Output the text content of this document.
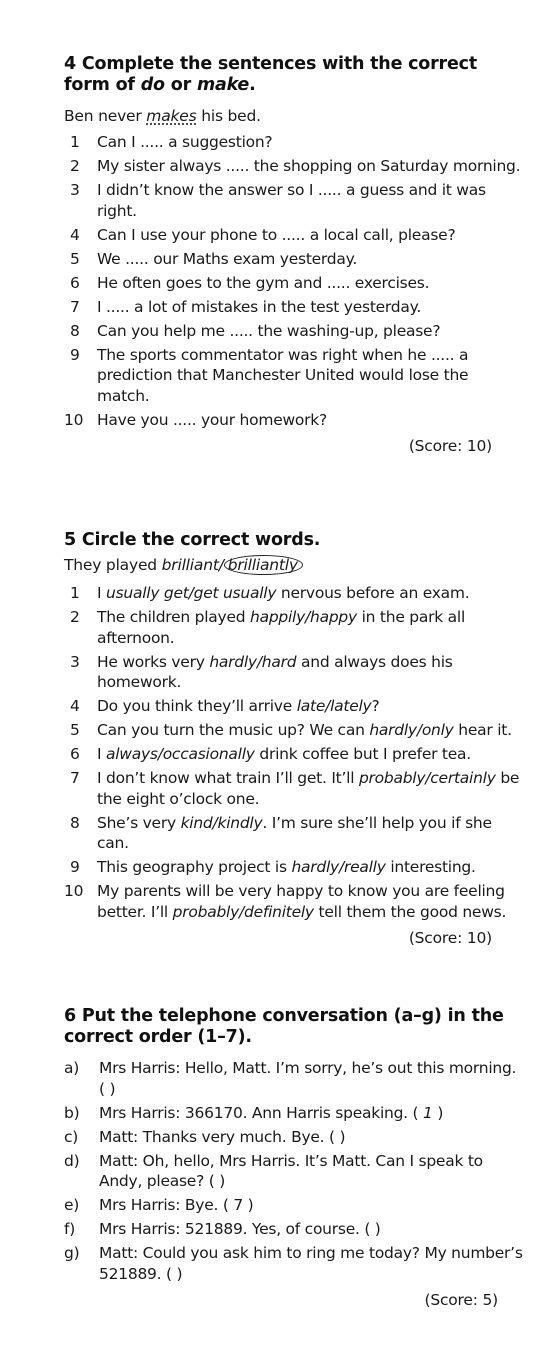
4 Complete the sentences with the correct form of do or make.
Ben never makes his bed.
1	Can I ..... a suggestion?
2	My sister always ..... the shopping on Saturday morning.
3	I didn’t know the answer so I ..... a guess and it was right.
4	Can I use your phone to ..... a local call, please?
5	We ..... our Maths exam yesterday.
6	He often goes to the gym and ..... exercises.
7	I ..... a lot of mistakes in the test yesterday.
8	Can you help me ..... the washing-up, please?
9	The sports commentator was right when he ..... a prediction that Manchester United would lose the match.
10 Have you ..... your homework?
(Score: 10)
5 Circle the correct words.
They played brilliant/ brilliantly
1	I usually get/get usually nervous before an exam.
2	The children played happily/happy in the park all afternoon.
3	He works very hardly/hard and always does his homework.
4	Do you think they’ll arrive late/lately?
5	Can you turn the music up? We can hardly/only hear it.
6	I always/occasionally drink coffee but I prefer tea.
7	I don’t know what train I’ll get. It’ll probably/certainly be the eight o’clock one.
8	She’s very kind/kindly. I’m sure she’ll help you if she can.
9	This geography project is hardly/really interesting.
10 My parents will be very happy to know you are feeling better. I’ll probably/definitely tell them the good news.
(Score: 10)
6 Put the telephone conversation (a–g) in the correct order (1–7).
a)	Mrs Harris: Hello, Matt. I’m sorry, he’s out this morning. ( )
b)	Mrs Harris: 366170. Ann Harris speaking. ( 1 )
c)	Matt: Thanks very much. Bye. ( )
d)	Matt: Oh, hello, Mrs Harris. It’s Matt. Can I speak to Andy, please? ( )
e)	Mrs Harris: Bye. ( 7 )
f)	Mrs Harris: 521889. Yes, of course. ( )
g)	Matt: Could you ask him to ring me today? My number’s 521889. ( )
(Score: 5)
